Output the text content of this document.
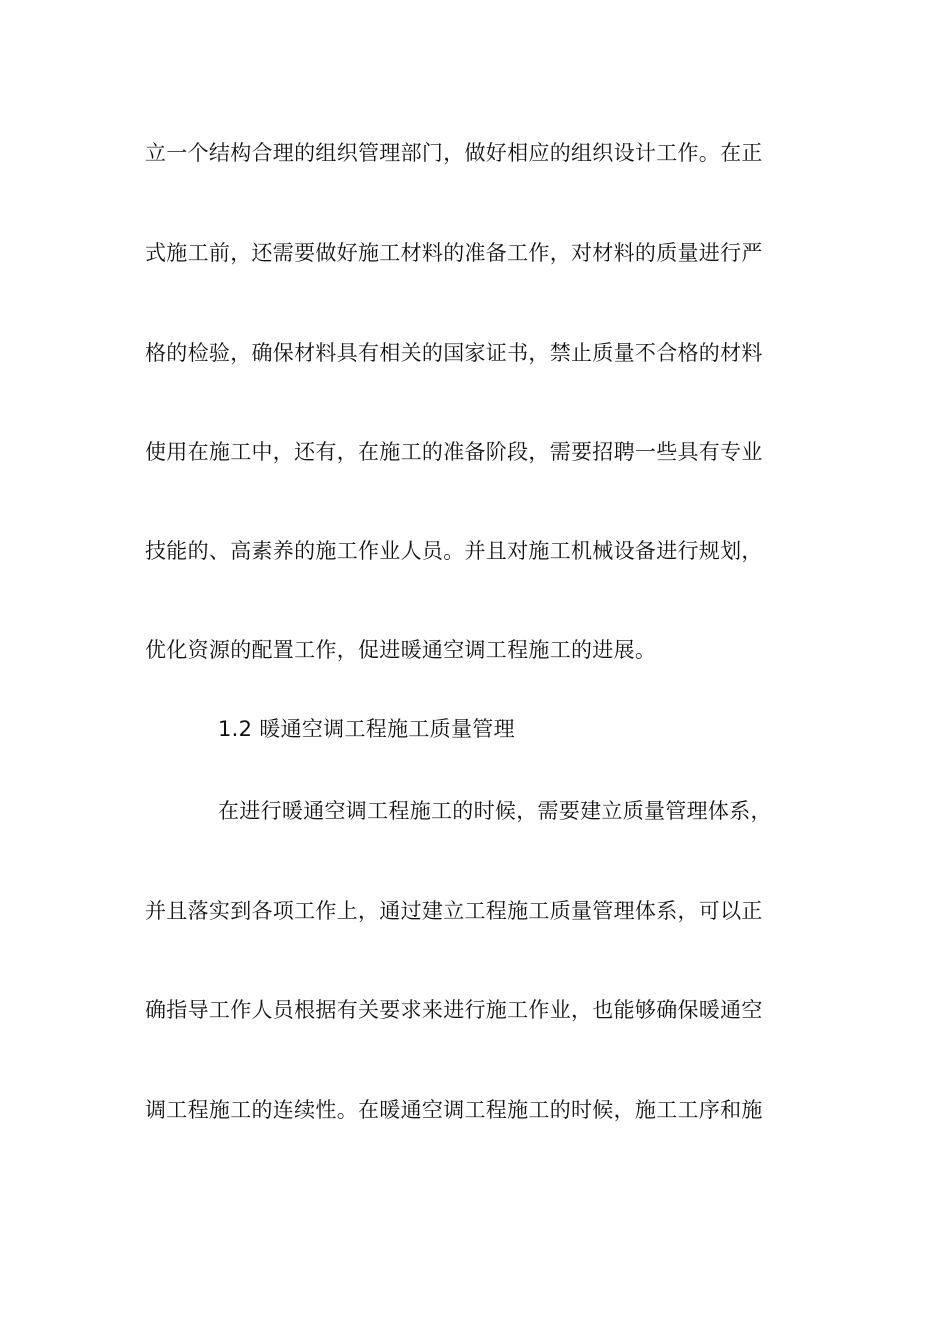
立一个结构合理的组织管理部门，做好相应的组织设计工作。在正
式施工前，还需要做好施工材料的准备工作，对材料的质量进行严
格的检验，确保材料具有相关的国家证书，禁止质量不合格的材料
使用在施工中，还有，在施工的准备阶段，需要招聘一些具有专业
技能的、高素养的施工作业人员。并且对施工机械设备进行规划，
优化资源的配置工作，促进暖通空调工程施工的进展。
1.2 暖通空调工程施工质量管理
在进行暖通空调工程施工的时候，需要建立质量管理体系，
并且落实到各项工作上，通过建立工程施工质量管理体系，可以正
确指导工作人员根据有关要求来进行施工作业，也能够确保暖通空
调工程施工的连续性。在暖通空调工程施工的时候，施工工序和施
